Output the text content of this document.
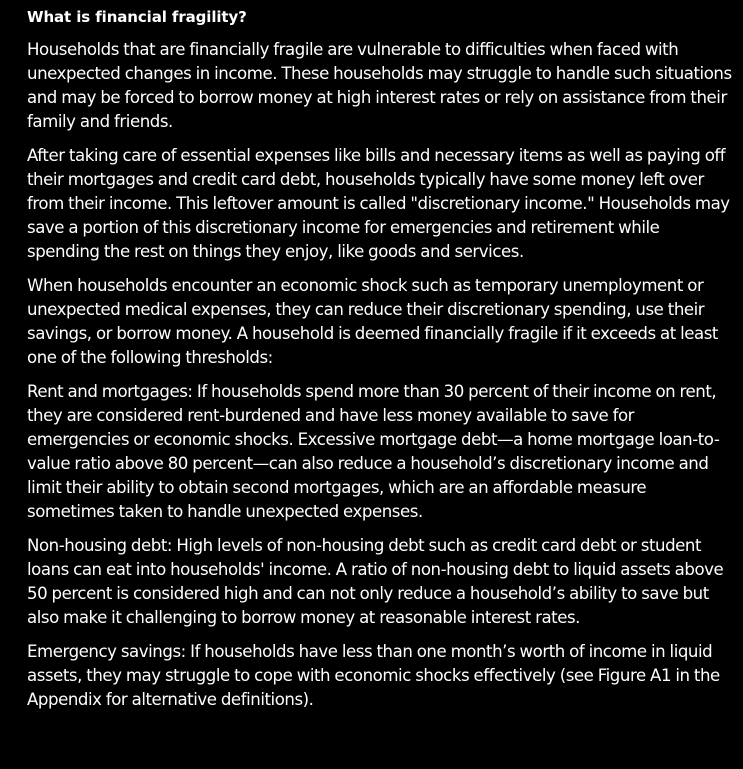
What is financial fragility?

Households that are financially fragile are vulnerable to difficulties when faced with unexpected changes in income. These households may struggle to handle such situations and may be forced to borrow money at high interest rates or rely on assistance from their family and friends.

After taking care of essential expenses like bills and necessary items as well as paying off their mortgages and credit card debt, households typically have some money left over from their income. This leftover amount is called "discretionary income." Households may save a portion of this discretionary income for emergencies and retirement while spending the rest on things they enjoy, like goods and services.

When households encounter an economic shock such as temporary unemployment or unexpected medical expenses, they can reduce their discretionary spending, use their savings, or borrow money. A household is deemed financially fragile if it exceeds at least one of the following thresholds:

Rent and mortgages: If households spend more than 30 percent of their income on rent, they are considered rent-burdened and have less money available to save for emergencies or economic shocks. Excessive mortgage debt—a home mortgage loan-to-value ratio above 80 percent—can also reduce a household’s discretionary income and limit their ability to obtain second mortgages, which are an affordable measure sometimes taken to handle unexpected expenses.

Non-housing debt: High levels of non-housing debt such as credit card debt or student loans can eat into households' income. A ratio of non-housing debt to liquid assets above 50 percent is considered high and can not only reduce a household’s ability to save but also make it challenging to borrow money at reasonable interest rates.

Emergency savings: If households have less than one month’s worth of income in liquid assets, they may struggle to cope with economic shocks effectively (see Figure A1 in the Appendix for alternative definitions).
